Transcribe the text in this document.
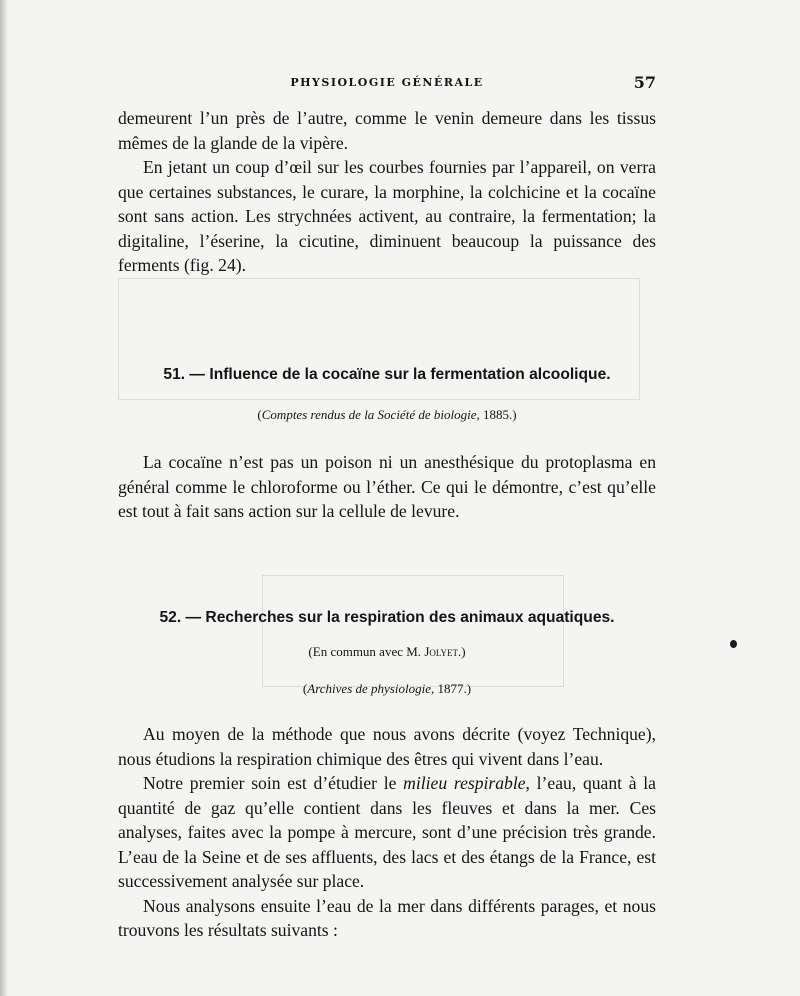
PHYSIOLOGIE GÉNÉRALE	57

demeurent l’un près de l’autre, comme le venin demeure dans les tissus mêmes de la glande de la vipère.

En jetant un coup d’œil sur les courbes fournies par l’appareil, on verra que certaines substances, le curare, la morphine, la colchicine et la cocaïne sont sans action. Les strychnées activent, au contraire, la fermentation; la digitaline, l’éserine, la cicutine, diminuent beaucoup la puissance des ferments (fig. 24).

51. — Influence de la cocaïne sur la fermentation alcoolique.
(Comptes rendus de la Société de biologie, 1885.)

La cocaïne n’est pas un poison ni un anesthésique du protoplasma en général comme le chloroforme ou l’éther. Ce qui le démontre, c’est qu’elle est tout à fait sans action sur la cellule de levure.

52. — Recherches sur la respiration des animaux aquatiques.
(En commun avec M. Jolyet.)
(Archives de physiologie, 1877.)

Au moyen de la méthode que nous avons décrite (voyez Technique), nous étudions la respiration chimique des êtres qui vivent dans l’eau.

Notre premier soin est d’étudier le milieu respirable, l’eau, quant à la quantité de gaz qu’elle contient dans les fleuves et dans la mer. Ces analyses, faites avec la pompe à mercure, sont d’une précision très grande. L’eau de la Seine et de ses affluents, des lacs et des étangs de la France, est successivement analysée sur place.

Nous analysons ensuite l’eau de la mer dans différents parages, et nous trouvons les résultats suivants :
